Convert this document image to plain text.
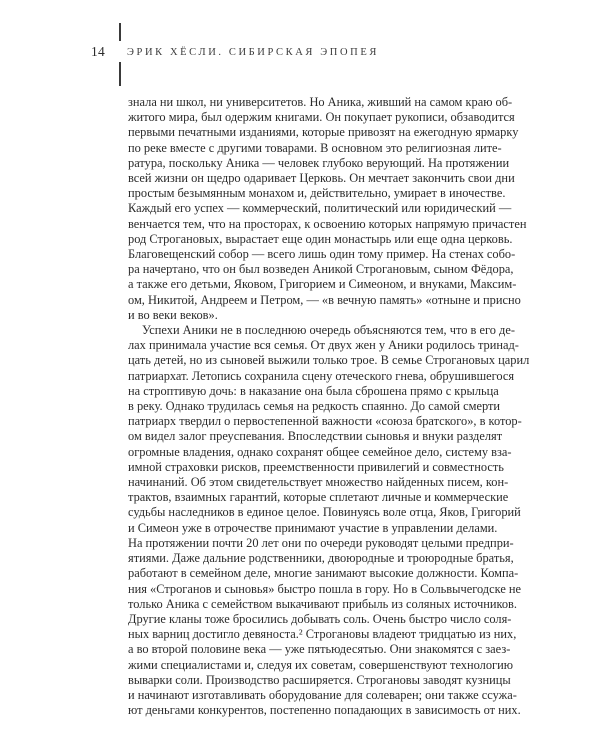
14 ЭРИК ХЁСЛИ. СИБИРСКАЯ ЭПОПЕЯ

знала ни школ, ни университетов. Но Аника, живший на самом краю об-
житого мира, был одержим книгами. Он покупает рукописи, обзаводится
первыми печатными изданиями, которые привозят на ежегодную ярмарку
по реке вместе с другими товарами. В основном это религиозная лите-
ратура, поскольку Аника — человек глубоко верующий. На протяжении
всей жизни он щедро одаривает Церковь. Он мечтает закончить свои дни
простым безымянным монахом и, действительно, умирает в иночестве.
Каждый его успех — коммерческий, политический или юридический —
венчается тем, что на просторах, к освоению которых напрямую причастен
род Строгановых, вырастает еще один монастырь или еще одна церковь.
Благовещенский собор — всего лишь один тому пример. На стенах собо-
ра начертано, что он был возведен Аникой Строгановым, сыном Фёдора,
а также его детьми, Яковом, Григорием и Симеоном, и внуками, Максим-
ом, Никитой, Андреем и Петром, — «в вечную память» «отныне и присно
и во веки веков».

Успехи Аники не в последнюю очередь объясняются тем, что в его де-
лах принимала участие вся семья. От двух жен у Аники родилось тринад-
цать детей, но из сыновей выжили только трое. В семье Строгановых царил
патриархат. Летопись сохранила сцену отеческого гнева, обрушившегося
на строптивую дочь: в наказание она была сброшена прямо с крыльца
в реку. Однако трудилась семья на редкость спаянно. До самой смерти
патриарх твердил о первостепенной важности «союза братского», в котор-
ом видел залог преуспевания. Впоследствии сыновья и внуки разделят
огромные владения, однако сохранят общее семейное дело, систему вза-
имной страховки рисков, преемственности привилегий и совместность
начинаний. Об этом свидетельствует множество найденных писем, кон-
трактов, взаимных гарантий, которые сплетают личные и коммерческие
судьбы наследников в единое целое. Повинуясь воле отца, Яков, Григорий
и Симеон уже в отрочестве принимают участие в управлении делами.
На протяжении почти 20 лет они по очереди руководят целыми предпри-
ятиями. Даже дальние родственники, двоюродные и троюродные братья,
работают в семейном деле, многие занимают высокие должности. Компа-
ния «Строганов и сыновья» быстро пошла в гору. Но в Сольвычегодске не
только Аника с семейством выкачивают прибыль из соляных источников.
Другие кланы тоже бросились добывать соль. Очень быстро число соля-
ных варниц достигло девяноста.² Строгановы владеют тридцатью из них,
а во второй половине века — уже пятьюдесятью. Они знакомятся с заез-
жими специалистами и, следуя их советам, совершенствуют технологию
выварки соли. Производство расширяется. Строгановы заводят кузницы
и начинают изготавливать оборудование для солеварен; они также ссужа-
ют деньгами конкурентов, постепенно попадающих в зависимость от них.
